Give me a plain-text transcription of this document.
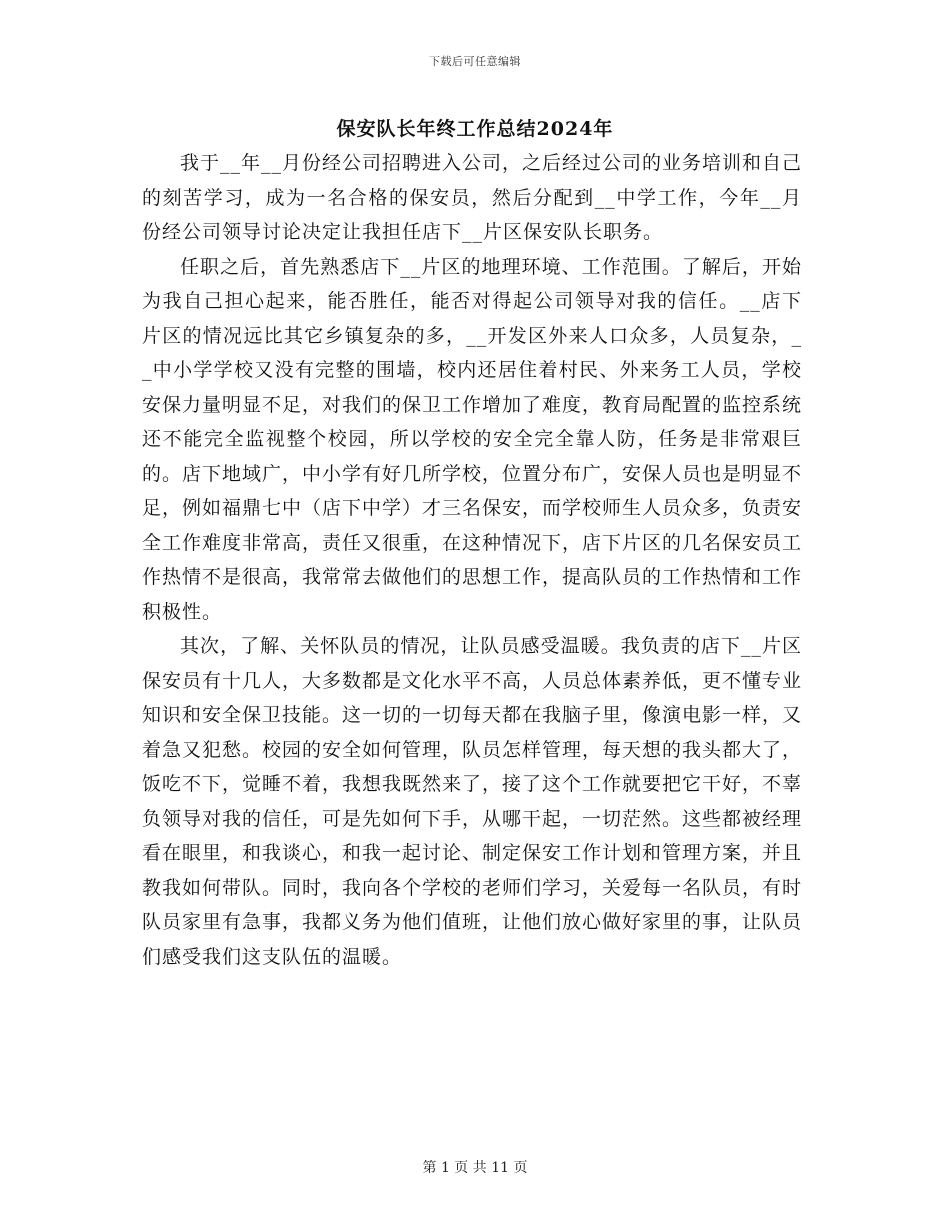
下载后可任意编辑
保安队长年终工作总结2024年

我于__年__月份经公司招聘进入公司，之后经过公司的业务培训和自己的刻苦学习，成为一名合格的保安员，然后分配到__中学工作，今年__月份经公司领导讨论决定让我担任店下__片区保安队长职务。

任职之后，首先熟悉店下__片区的地理环境、工作范围。了解后，开始为我自己担心起来，能否胜任，能否对得起公司领导对我的信任。__店下片区的情况远比其它乡镇复杂的多，__开发区外来人口众多，人员复杂，__中小学学校又没有完整的围墙，校内还居住着村民、外来务工人员，学校安保力量明显不足，对我们的保卫工作增加了难度，教育局配置的监控系统还不能完全监视整个校园，所以学校的安全完全靠人防，任务是非常艰巨的。店下地域广，中小学有好几所学校，位置分布广，安保人员也是明显不足，例如福鼎七中（店下中学）才三名保安，而学校师生人员众多，负责安全工作难度非常高，责任又很重，在这种情况下，店下片区的几名保安员工作热情不是很高，我常常去做他们的思想工作，提高队员的工作热情和工作积极性。

其次，了解、关怀队员的情况，让队员感受温暖。我负责的店下__片区保安员有十几人，大多数都是文化水平不高，人员总体素养低，更不懂专业知识和安全保卫技能。这一切的一切每天都在我脑子里，像演电影一样，又着急又犯愁。校园的安全如何管理，队员怎样管理，每天想的我头都大了，饭吃不下，觉睡不着，我想我既然来了，接了这个工作就要把它干好，不辜负领导对我的信任，可是先如何下手，从哪干起，一切茫然。这些都被经理看在眼里，和我谈心，和我一起讨论、制定保安工作计划和管理方案，并且教我如何带队。同时，我向各个学校的老师们学习，关爱每一名队员，有时队员家里有急事，我都义务为他们值班，让他们放心做好家里的事，让队员们感受我们这支队伍的温暖。

第 1 页 共 11 页
